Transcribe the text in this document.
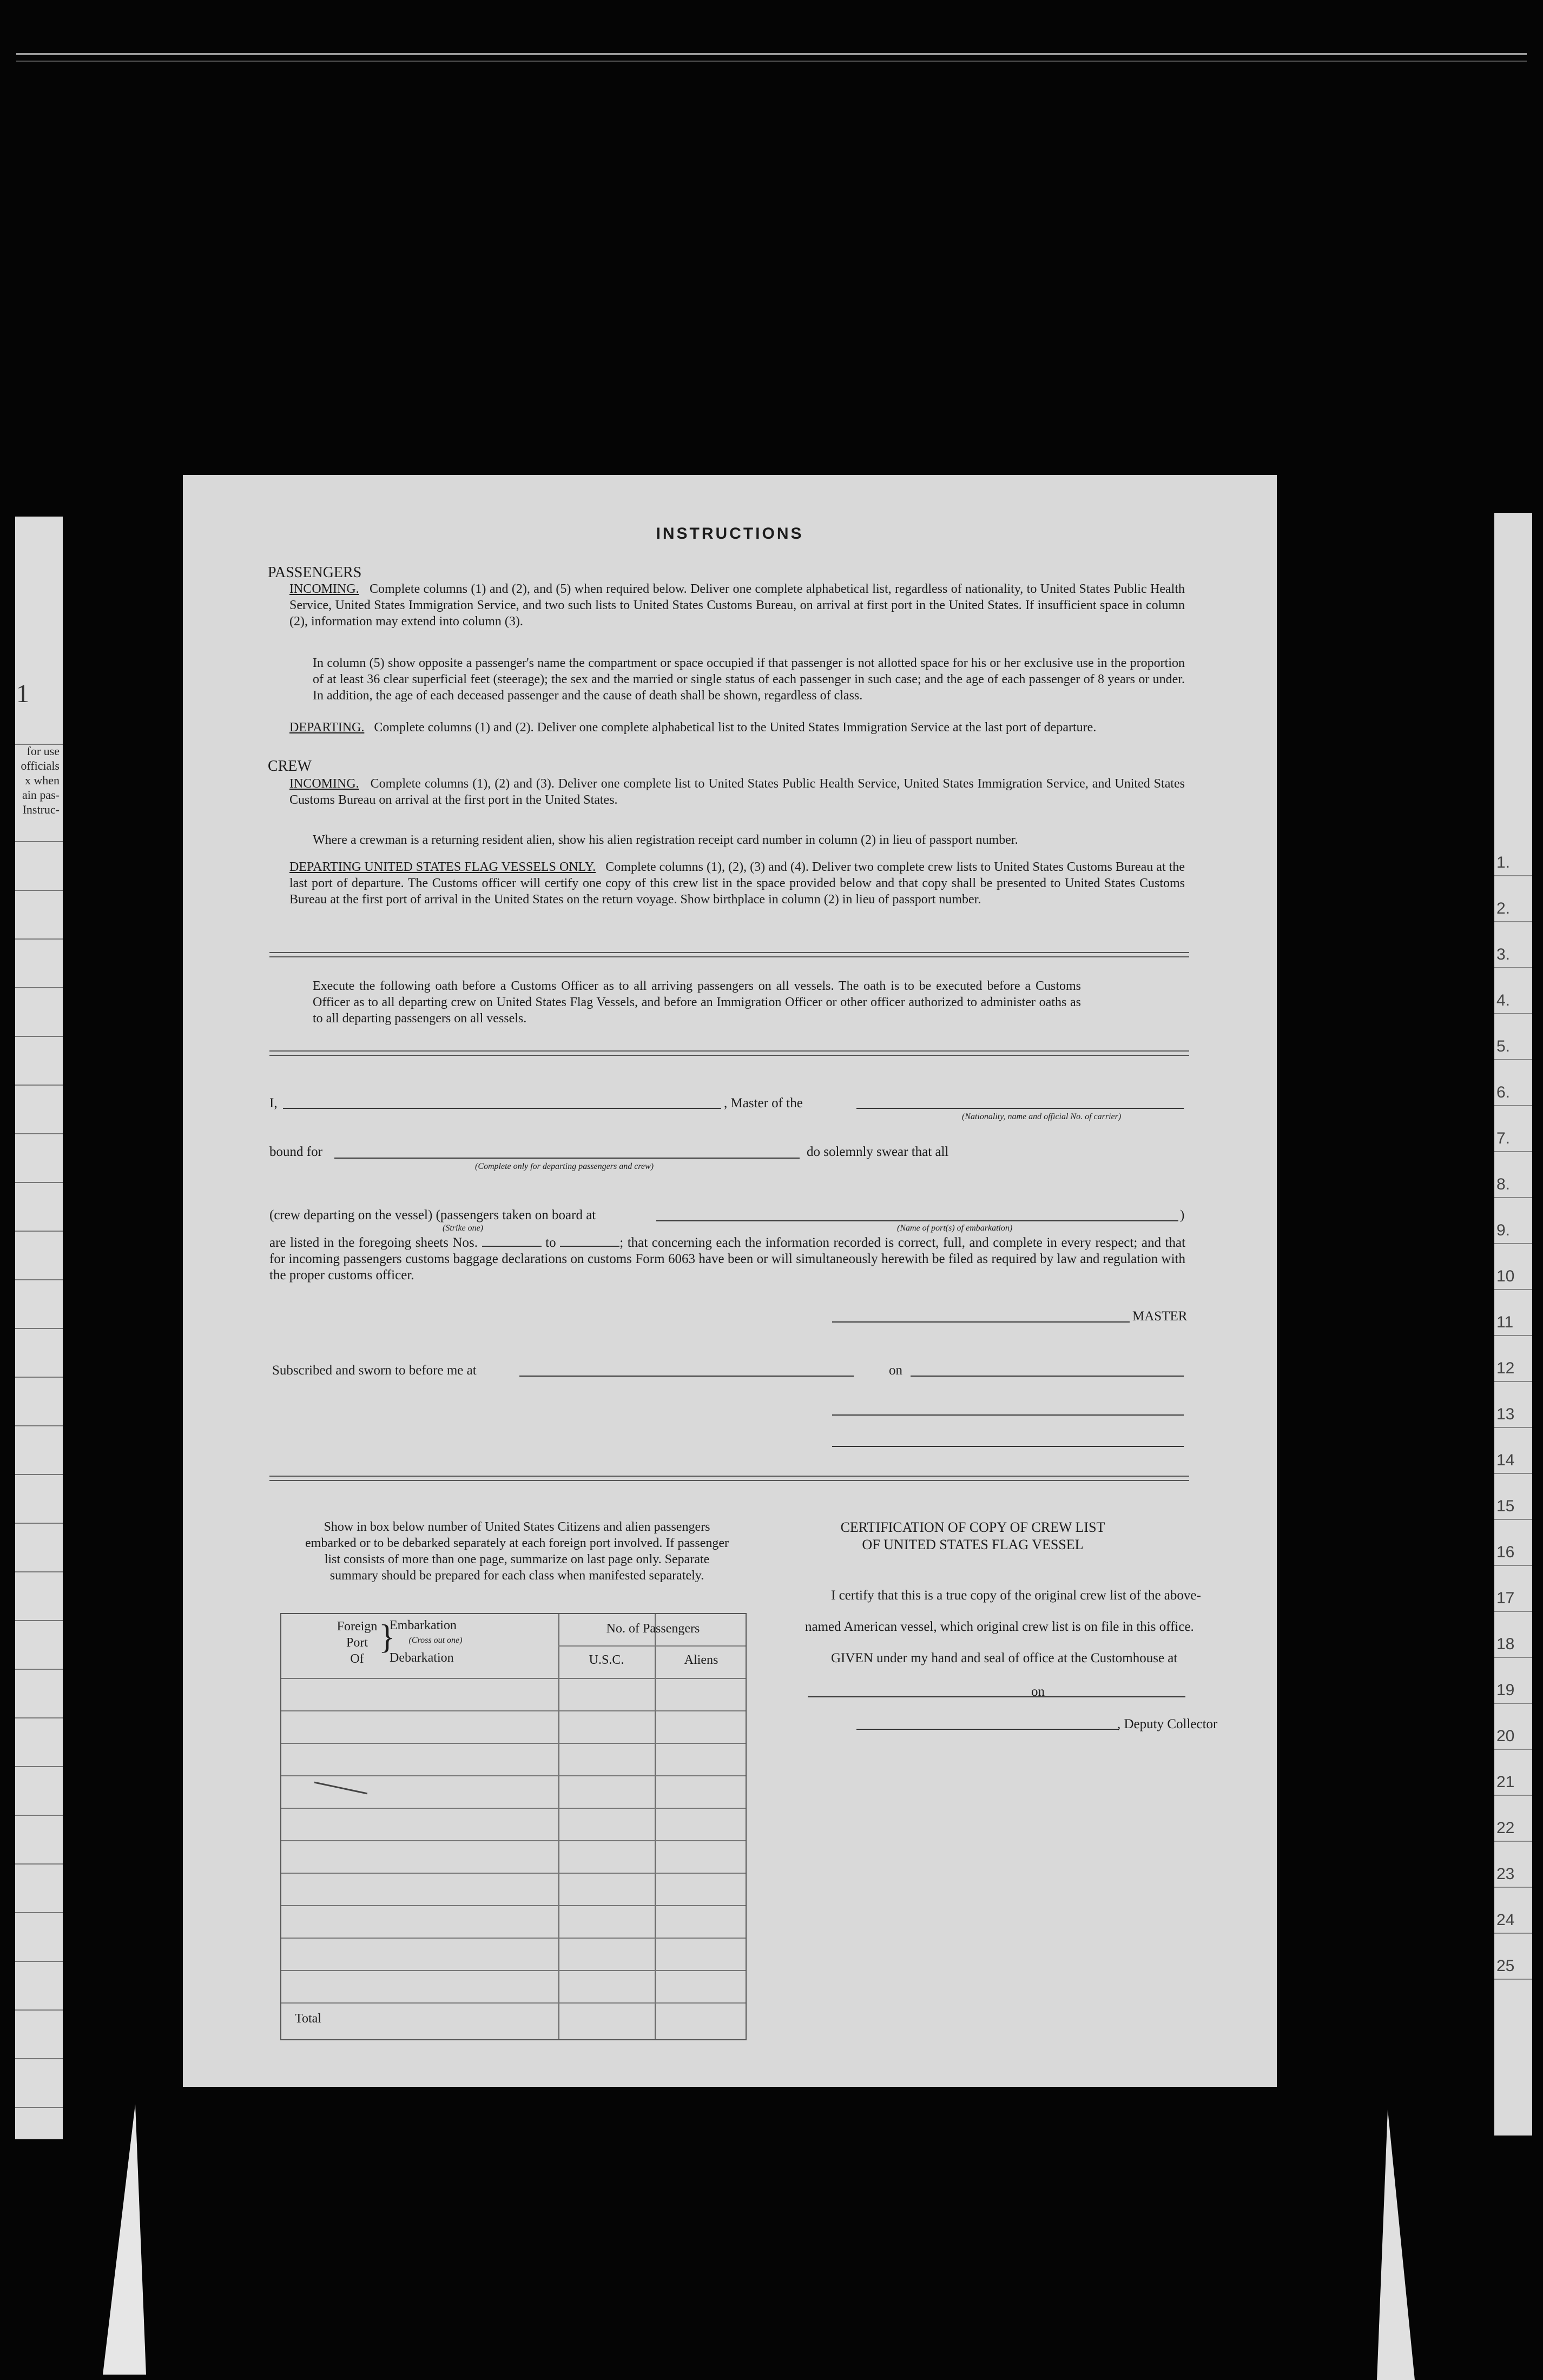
1
for use
officials
x when
ain pas-
Instruc-
1.
2.
3.
4.
5.
6.
7.
8.
9.
10
11
12
13
14
15
16
17
18
19
20
21
22
23
24
25
INSTRUCTIONS
PASSENGERS
INCOMING. Complete columns (1) and (2), and (5) when required below. Deliver one complete alphabetical list, regardless of nationality, to United States Public Health Service, United States Immigration Service, and two such lists to United States Customs Bureau, on arrival at first port in the United States. If insufficient space in column (2), information may extend into column (3).
In column (5) show opposite a passenger's name the compartment or space occupied if that passenger is not allotted space for his or her exclusive use in the proportion of at least 36 clear superficial feet (steerage); the sex and the married or single status of each passenger in such case; and the age of each passenger of 8 years or under. In addition, the age of each deceased passenger and the cause of death shall be shown, regardless of class.
DEPARTING. Complete columns (1) and (2). Deliver one complete alphabetical list to the United States Immigration Service at the last port of departure.
CREW
INCOMING. Complete columns (1), (2) and (3). Deliver one complete list to United States Public Health Service, United States Immigration Service, and United States Customs Bureau on arrival at the first port in the United States.
Where a crewman is a returning resident alien, show his alien registration receipt card number in column (2) in lieu of passport number.
DEPARTING UNITED STATES FLAG VESSELS ONLY. Complete columns (1), (2), (3) and (4). Deliver two complete crew lists to United States Customs Bureau at the last port of departure. The Customs officer will certify one copy of this crew list in the space provided below and that copy shall be presented to United States Customs Bureau at the first port of arrival in the United States on the return voyage. Show birthplace in column (2) in lieu of passport number.
Execute the following oath before a Customs Officer as to all arriving passengers on all vessels. The oath is to be executed before a Customs Officer as to all departing crew on United States Flag Vessels, and before an Immigration Officer or other officer authorized to administer oaths as to all departing passengers on all vessels.
I,	, Master of the
(Nationality, name and official No. of carrier)
bound for
(Complete only for departing passengers and crew)
do solemnly swear that all
(crew departing on the vessel) (passengers taken on board at
(Strike one)
)
(Name of port(s) of embarkation)
are listed in the foregoing sheets Nos.	to	; that concerning each the information recorded is correct, full, and complete in every respect; and that for incoming passengers customs baggage declarations on customs Form 6063 have been or will simultaneously herewith be filed as required by law and regulation with the proper customs officer.
MASTER
Subscribed and sworn to before me at	on
Show in box below number of United States Citizens and alien passengers embarked or to be debarked separately at each foreign port involved. If passenger list consists of more than one page, summarize on last page only. Separate summary should be prepared for each class when manifested separately.
Foreign
Port
Of
}
Embarkation
(Cross out one)
Debarkation
No. of Passengers
U.S.C.	Aliens
Total
CERTIFICATION OF COPY OF CREW LIST
OF UNITED STATES FLAG VESSEL
I certify that this is a true copy of the original crew list of the above-
named American vessel, which original crew list is on file in this office.
GIVEN under my hand and seal of office at the Customhouse at
on
, Deputy Collector
